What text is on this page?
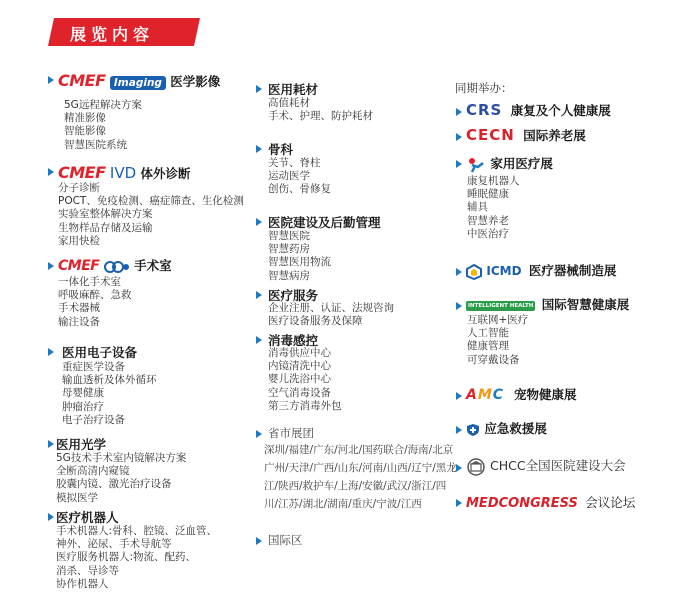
展览内容
CMEF Imaging 医学影像
5G远程解决方案
精准影像
智能影像
智慧医院系统
CMEF IVD 体外诊断
分子诊断
POCT、免疫检测、癌症筛查、生化检测
实验室整体解决方案
生物样品存储及运输
家用快检
CMEF	手术室
一体化手术室
呼吸麻醉、急救
手术器械
输注设备
医用电子设备
重症医学设备
输血透析及体外循环
母婴健康
肿瘤治疗
电子治疗设备
医用光学
5G技术手术室内镜解决方案
全断高清内窥镜
胶囊内镜、激光治疗设备
模拟医学
医疗机器人
手术机器人:骨科、腔镜、泛血管、
神外、泌尿、手术导航等
医疗服务机器人:物流、配药、
消杀、导诊等
协作机器人
医用耗材
高值耗材
手术、护理、防护耗材
骨科
关节、脊柱
运动医学
创伤、骨修复
医院建设及后勤管理
智慧医院
智慧药房
智慧医用物流
智慧病房
医疗服务
企业注册、认证、法规咨询
医疗设备服务及保障
消毒感控
消毒供应中心
内镜清洗中心
婴儿洗浴中心
空气消毒设备
第三方消毒外包
省市展团
深圳/福建/广东/河北/国药联合/海南/北京广州/天津/广西/山东/河南/山西/辽宁/黑龙江/陕西/救护车/上海/安徽/武汉/浙江/四川/江苏/湖北/湖南/重庆/宁波/江西
国际区
同期举办：
CRS 康复及个人健康展
CECN 国际养老展
家用医疗展
康复机器人
睡眠健康
辅具
智慧养老
中医治疗
ICMD 医疗器械制造展
INTELLIGENT HEALTH 国际智慧健康展
互联网+医疗
人工智能
健康管理
可穿戴设备
AMC 宠物健康展
应急救援展
CHCC全国医院建设大会
MEDCONGRESS 会议论坛
